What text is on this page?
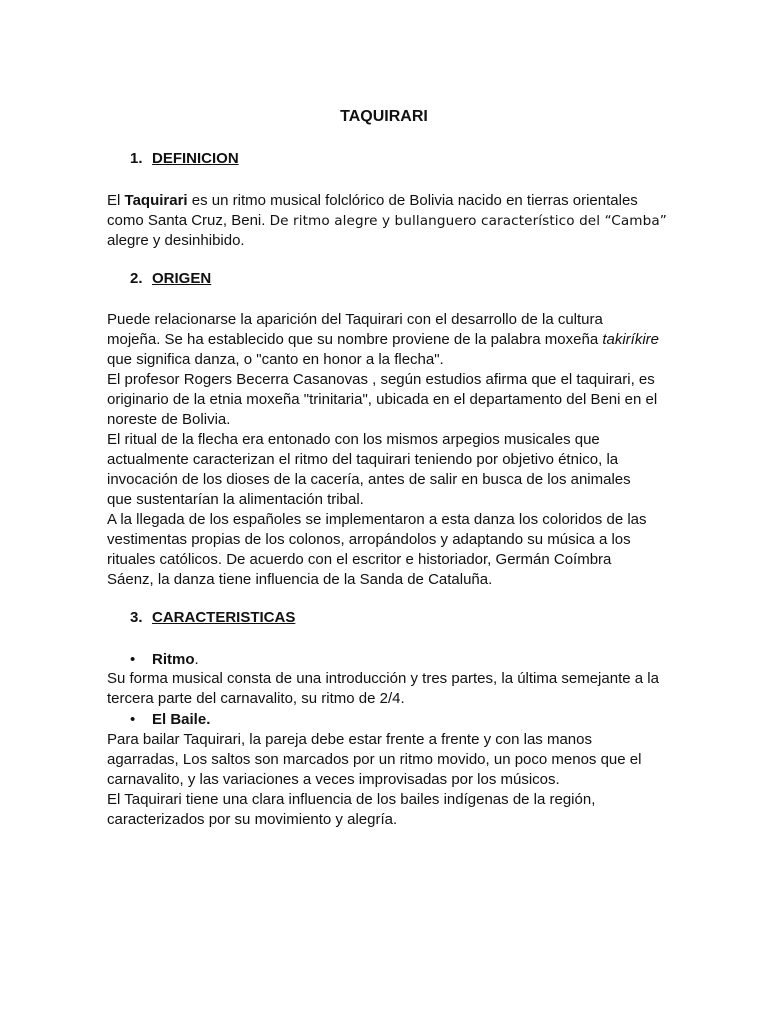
TAQUIRARI
1. DEFINICION
El Taquirari es un ritmo musical folclórico de Bolivia nacido en tierras orientales
como Santa Cruz, Beni. De ritmo alegre y bullanguero característico del “Camba”
alegre y desinhibido.
2. ORIGEN
Puede relacionarse la aparición del Taquirari con el desarrollo de la cultura
mojeña. Se ha establecido que su nombre proviene de la palabra moxeña takiríkire
que significa danza, o "canto en honor a la flecha".
El profesor Rogers Becerra Casanovas , según estudios afirma que el taquirari, es
originario de la etnia moxeña "trinitaria", ubicada en el departamento del Beni en el
noreste de Bolivia.
El ritual de la flecha era entonado con los mismos arpegios musicales que
actualmente caracterizan el ritmo del taquirari teniendo por objetivo étnico, la
invocación de los dioses de la cacería, antes de salir en busca de los animales
que sustentarían la alimentación tribal.
A la llegada de los españoles se implementaron a esta danza los coloridos de las
vestimentas propias de los colonos, arropándolos y adaptando su música a los
rituales católicos. De acuerdo con el escritor e historiador, Germán Coímbra
Sáenz, la danza tiene influencia de la Sanda de Cataluña.
3. CARACTERISTICAS
• Ritmo.
Su forma musical consta de una introducción y tres partes, la última semejante a la
tercera parte del carnavalito, su ritmo de 2/4.
• El Baile.
Para bailar Taquirari, la pareja debe estar frente a frente y con las manos
agarradas, Los saltos son marcados por un ritmo movido, un poco menos que el
carnavalito, y las variaciones a veces improvisadas por los músicos.
El Taquirari tiene una clara influencia de los bailes indígenas de la región,
caracterizados por su movimiento y alegría.
